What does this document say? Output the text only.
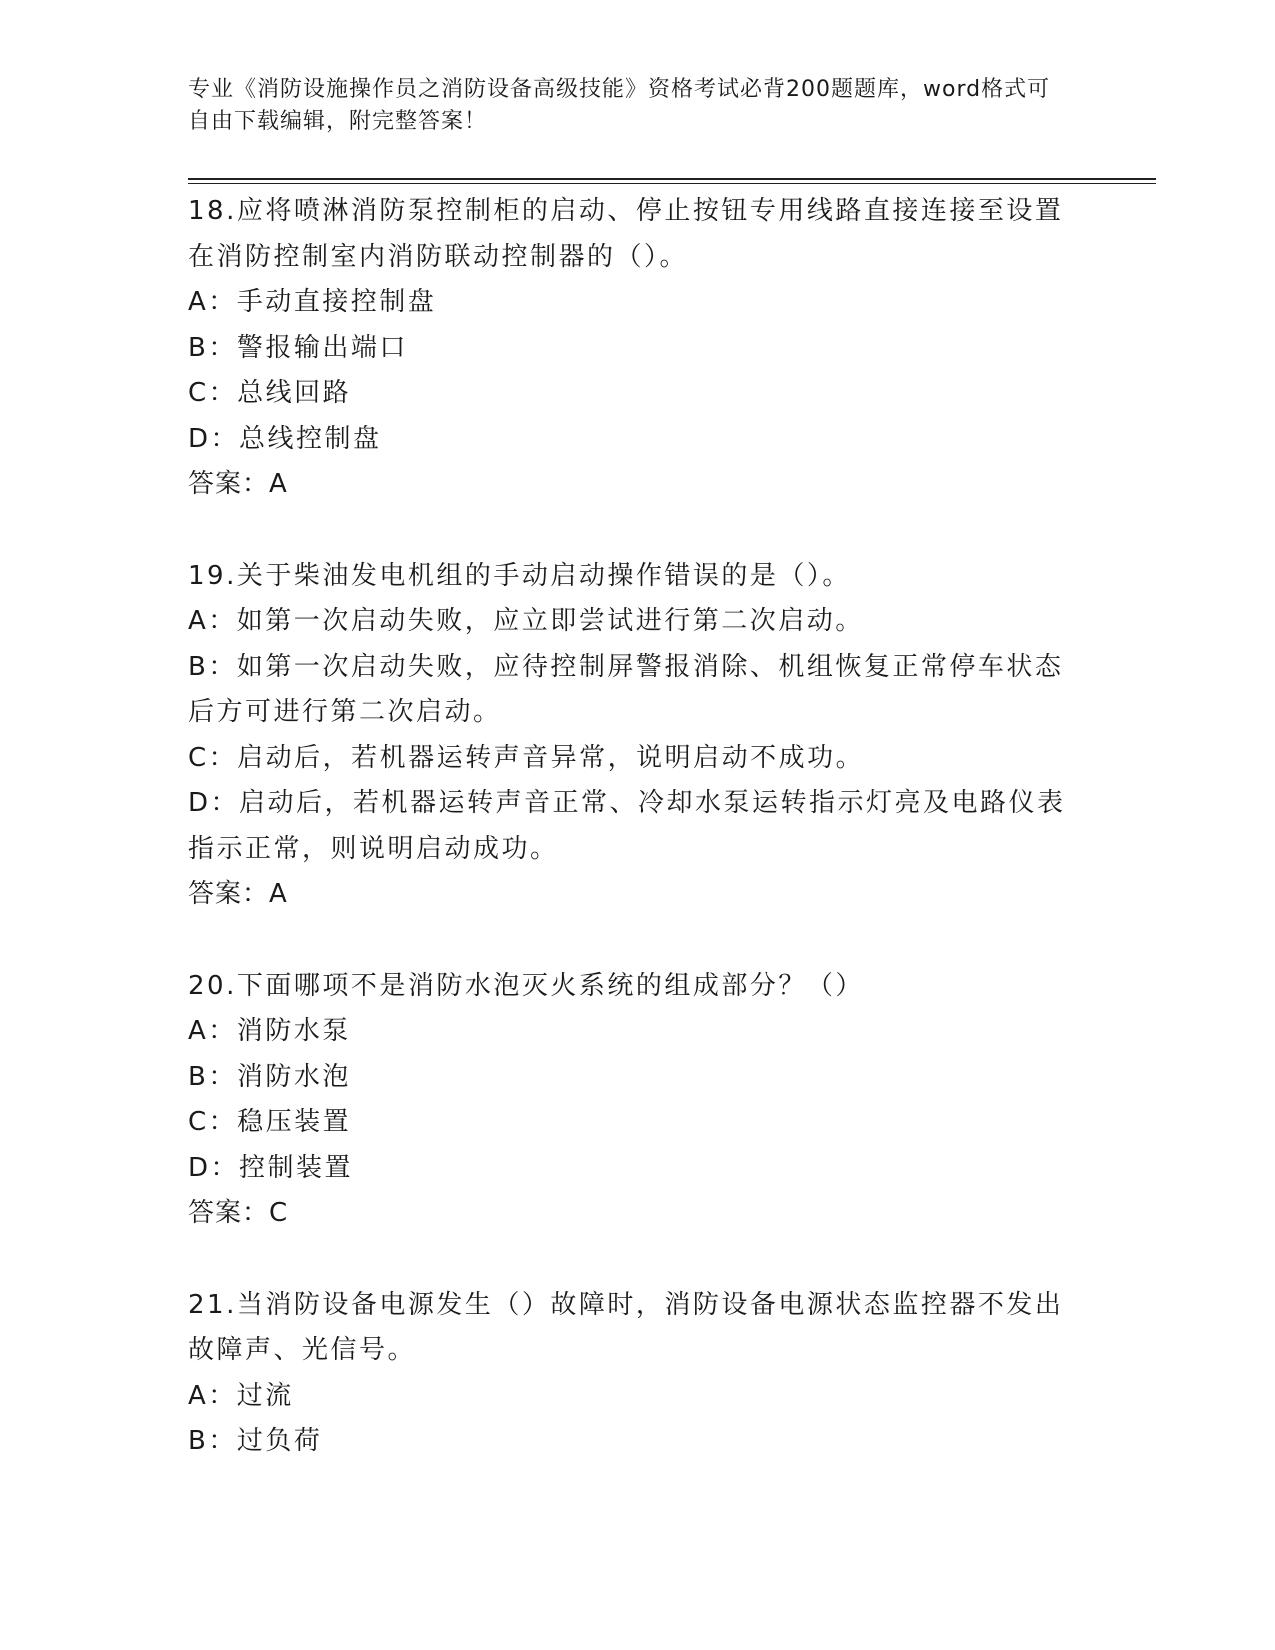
专业《消防设施操作员之消防设备高级技能》资格考试必背200题题库，word格式可自由下载编辑，附完整答案！
18.应将喷淋消防泵控制柜的启动、停止按钮专用线路直接连接至设置在消防控制室内消防联动控制器的（）。
A：手动直接控制盘
B：警报输出端口
C：总线回路
D：总线控制盘
答案：A
19.关于柴油发电机组的手动启动操作错误的是（）。
A：如第一次启动失败，应立即尝试进行第二次启动。
B：如第一次启动失败，应待控制屏警报消除、机组恢复正常停车状态后方可进行第二次启动。
C：启动后，若机器运转声音异常，说明启动不成功。
D：启动后，若机器运转声音正常、冷却水泵运转指示灯亮及电路仪表指示正常，则说明启动成功。
答案：A
20.下面哪项不是消防水泡灭火系统的组成部分？（）
A：消防水泵
B：消防水泡
C：稳压装置
D：控制装置
答案：C
21.当消防设备电源发生（）故障时，消防设备电源状态监控器不发出故障声、光信号。
A：过流
B：过负荷
